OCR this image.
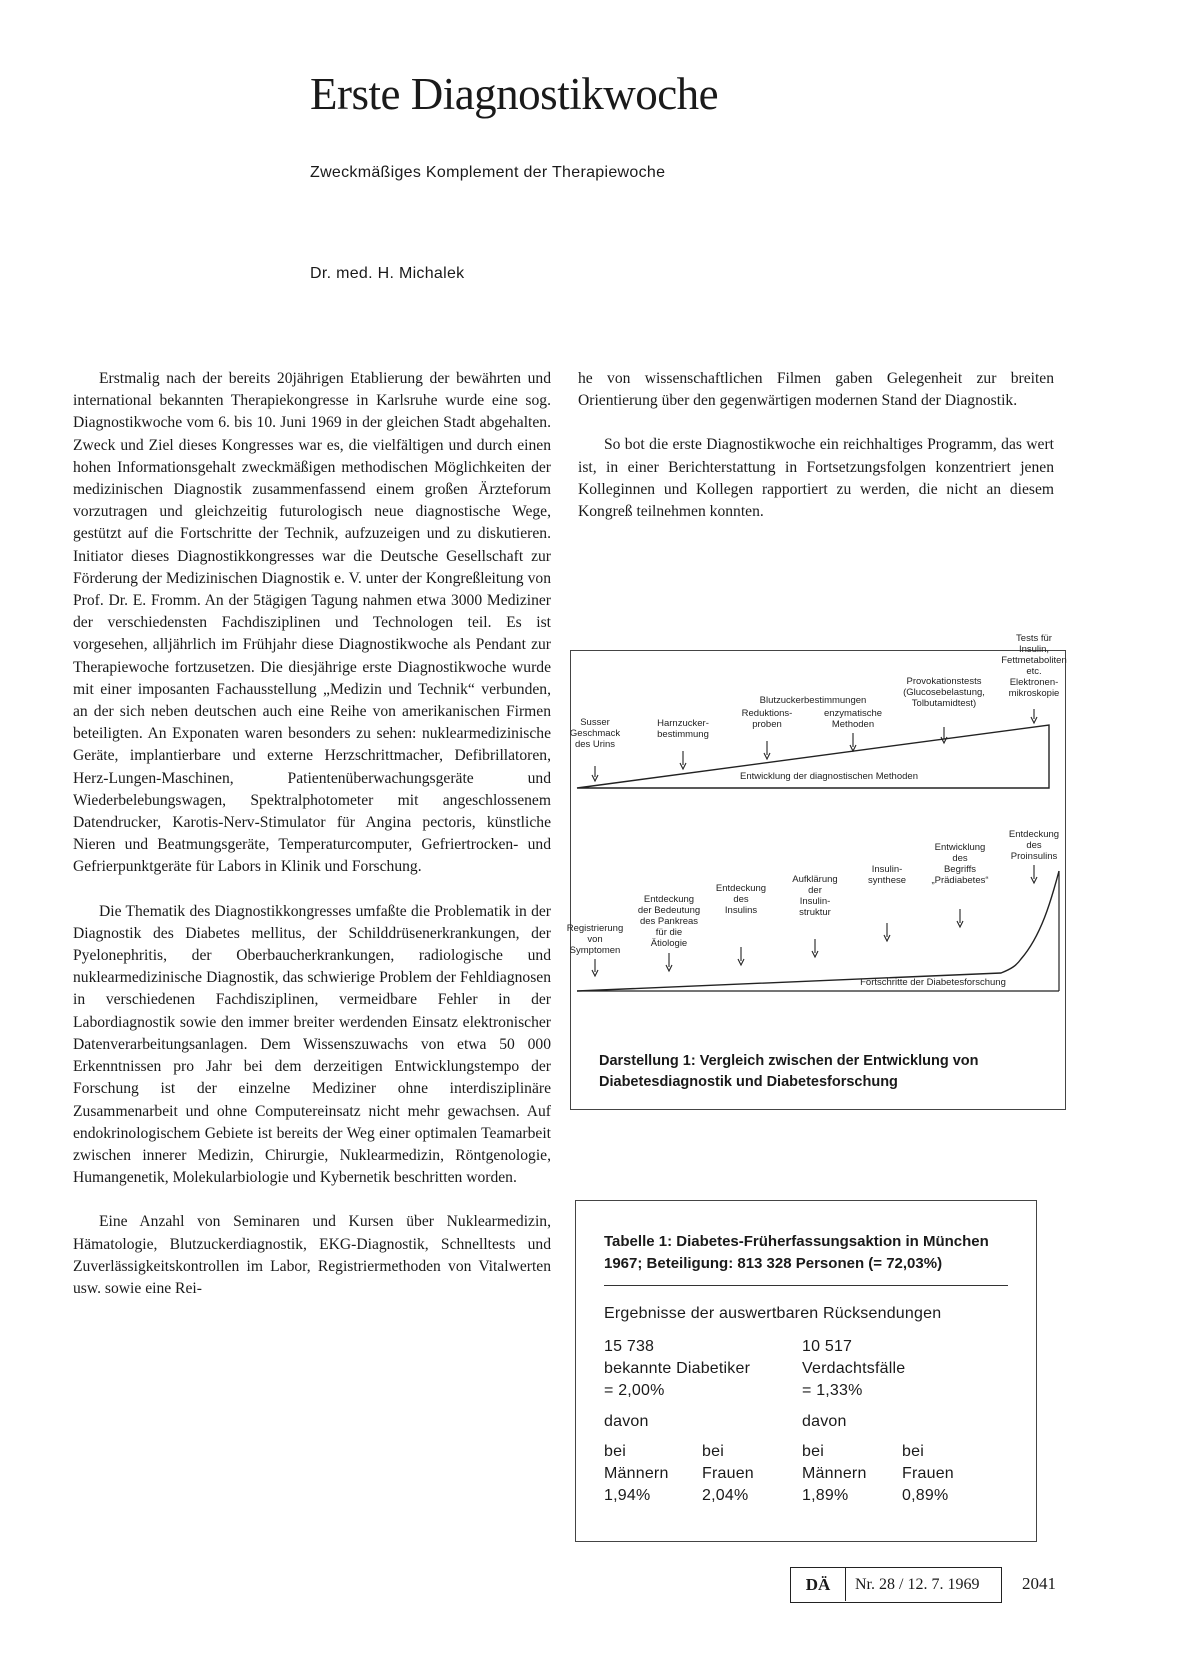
Erste Diagnostikwoche
Zweckmäßiges Komplement der Therapiewoche
Dr. med. H. Michalek

Erstmalig nach der bereits 20jährigen Etablierung der bewährten und international bekannten Therapiekongresse in Karlsruhe wurde eine sog. Diagnostikwoche vom 6. bis 10. Juni 1969 in der gleichen Stadt abgehalten. Zweck und Ziel dieses Kongresses war es, die vielfältigen und durch einen hohen Informationsgehalt zweckmäßigen methodischen Möglichkeiten der medizinischen Diagnostik zusammenfassend einem großen Ärzteforum vorzutragen und gleichzeitig futurologisch neue diagnostische Wege, gestützt auf die Fortschritte der Technik, aufzuzeigen und zu diskutieren. Initiator dieses Diagnostikkongresses war die Deutsche Gesellschaft zur Förderung der Medizinischen Diagnostik e. V. unter der Kongreßleitung von Prof. Dr. E. Fromm. An der 5tägigen Tagung nahmen etwa 3000 Mediziner der verschiedensten Fachdisziplinen und Technologen teil. Es ist vorgesehen, alljährlich im Frühjahr diese Diagnostikwoche als Pendant zur Therapiewoche fortzusetzen. Die diesjährige erste Diagnostikwoche wurde mit einer imposanten Fachausstellung „Medizin und Technik“ verbunden, an der sich neben deutschen auch eine Reihe von amerikanischen Firmen beteiligten. An Exponaten waren besonders zu sehen: nuklearmedizinische Geräte, implantierbare und externe Herzschrittmacher, Defibrillatoren, Herz-Lungen-Maschinen, Patientenüberwachungsgeräte und Wiederbelebungswagen, Spektralphotometer mit angeschlossenem Datendrucker, Karotis-Nerv-Stimulator für Angina pectoris, künstliche Nieren und Beatmungsgeräte, Temperaturcomputer, Gefriertrocken- und Gefrierpunktgeräte für Labors in Klinik und Forschung.

Die Thematik des Diagnostikkongresses umfaßte die Problematik in der Diagnostik des Diabetes mellitus, der Schilddrüsenerkrankungen, der Pyelonephritis, der Oberbaucherkrankungen, radiologische und nuklearmedizinische Diagnostik, das schwierige Problem der Fehldiagnosen in verschiedenen Fachdisziplinen, vermeidbare Fehler in der Labordiagnostik sowie den immer breiter werdenden Einsatz elektronischer Datenverarbeitungsanlagen. Dem Wissenszuwachs von etwa 50 000 Erkenntnissen pro Jahr bei dem derzeitigen Entwicklungstempo der Forschung ist der einzelne Mediziner ohne interdisziplinäre Zusammenarbeit und ohne Computereinsatz nicht mehr gewachsen. Auf endokrinologischem Gebiete ist bereits der Weg einer optimalen Teamarbeit zwischen innerer Medizin, Chirurgie, Nuklearmedizin, Röntgenologie, Humangenetik, Molekularbiologie und Kybernetik beschritten worden.

Eine Anzahl von Seminaren und Kursen über Nuklearmedizin, Hämatologie, Blutzuckerdiagnostik, EKG-Diagnostik, Schnelltests und Zuverlässigkeitskontrollen im Labor, Registriermethoden von Vitalwerten usw. sowie eine Rei-

he von wissenschaftlichen Filmen gaben Gelegenheit zur breiten Orientierung über den gegenwärtigen modernen Stand der Diagnostik.

So bot die erste Diagnostikwoche ein reichhaltiges Programm, das wert ist, in einer Berichterstattung in Fortsetzungsfolgen konzentriert jenen Kolleginnen und Kollegen rapportiert zu werden, die nicht an diesem Kongreß teilnehmen konnten.

Entwicklung der diagnostischen Methoden
Susser
Geschmack
des Urins
Harnzucker-
bestimmung
Reduktions-
proben
Blutzuckerbestimmungen
enzymatische
Methoden
Provokationstests
(Glucosebelastung,
Tolbutamidtest)
Tests für
Insulin,
Fettmetaboliten
etc.
Elektronen-
mikroskopie
Fortschritte der Diabetesforschung
Registrierung
von
Symptomen
Entdeckung
der Bedeutung
des Pankreas
für die
Ätiologie
Entdeckung
des
Insulins
Aufklärung
der
Insulin-
struktur
Insulin-
synthese
Entwicklung
des
Begriffs
„Prädiabetes“
Entdeckung
des
Proinsulins
Darstellung 1: Vergleich zwischen der Entwicklung von Diabetesdiagnostik und Diabetesforschung
Tabelle 1: Diabetes-Früherfassungsaktion in München 1967; Beteiligung: 813 328 Personen (= 72,03%)
Ergebnisse der auswertbaren Rücksendungen
15 738
bekannte Diabetiker
= 2,00%
davon
bei
Männern
1,94%
bei
Frauen
2,04%
10 517
Verdachtsfälle
= 1,33%
davon
bei
Männern
1,89%
bei
Frauen
0,89%
DÄ	Nr. 28 / 12. 7. 1969	2041
